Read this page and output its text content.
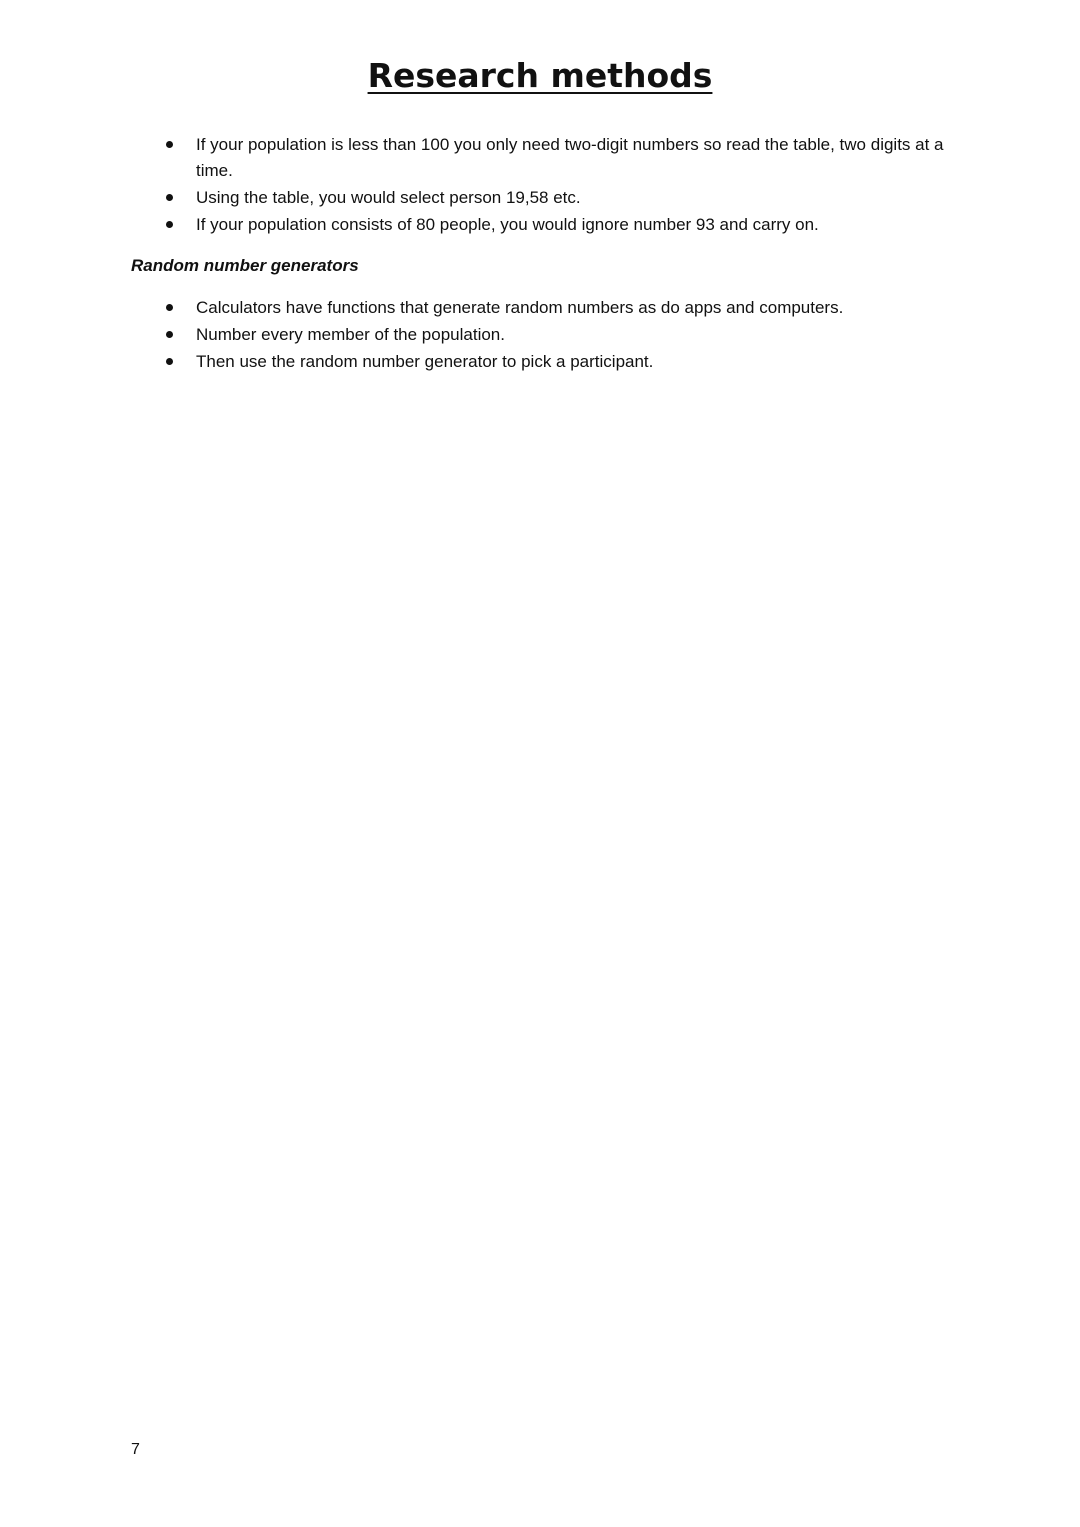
Research methods
If your population is less than 100 you only need two-digit numbers so read the table, two digits at a time.
Using the table, you would select person 19,58 etc.
If your population consists of 80 people, you would ignore number 93 and carry on.
Random number generators
Calculators have functions that generate random numbers as do apps and computers.
Number every member of the population.
Then use the random number generator to pick a participant.
7
